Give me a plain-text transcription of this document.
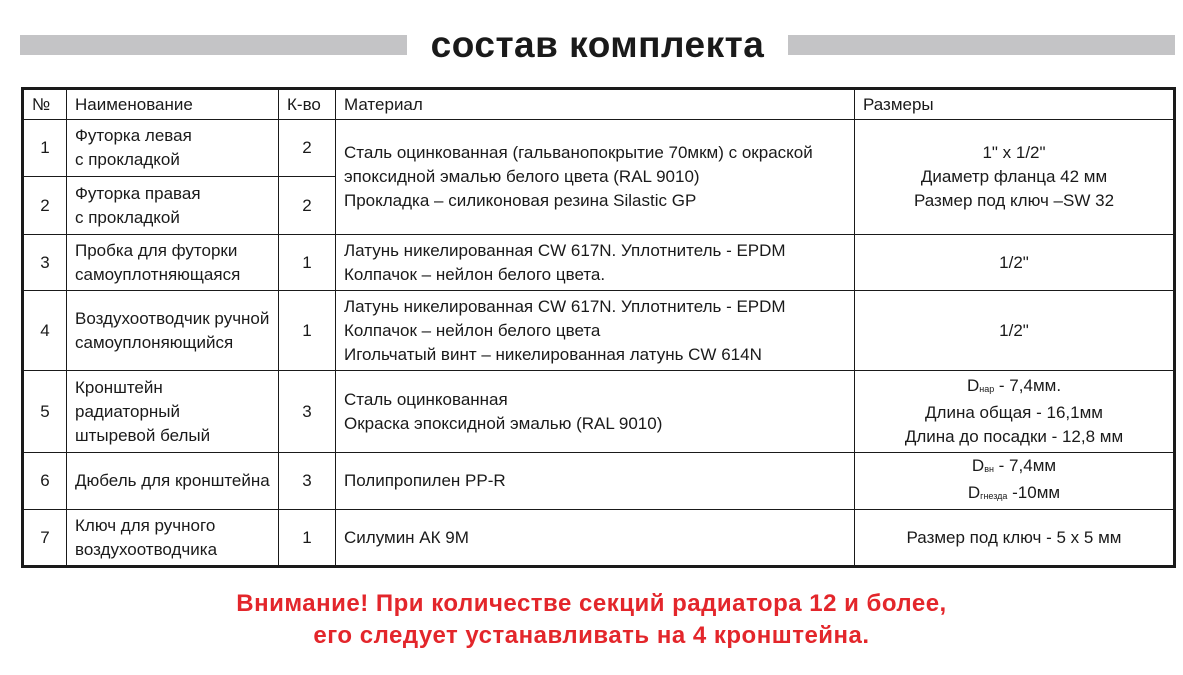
состав комплекта
№	Наименование	К-во	Материал	Размеры
1	Футорка левая
с прокладкой	2	Сталь оцинкованная (гальванопокрытие 70мкм) с окраской
эпоксидной эмалью белого цвета (RAL 9010)
Прокладка – силиконовая резина Silastic GP	1" x 1/2"
Диаметр фланца 42 мм
Размер под ключ –SW 32

2	Футорка правая
с прокладкой	2		
3	Пробка для футорки
самоуплотняющаяся	1	Латунь никелированная CW 617N. Уплотнитель - EPDM
Колпачок – нейлон белого цвета.	1/2"

4	Воздухоотводчик ручной
самоуплоняющийся	1	Латунь никелированная CW 617N. Уплотнитель - EPDM
Колпачок – нейлон белого цвета
Игольчатый винт – никелированная латунь CW 614N	1/2"

5	Кронштейн радиаторный
штыревой белый	3	Сталь оцинкованная
Окраска эпоксидной эмалью (RAL 9010)	$D_{нар} - 7,4мм$.
Длина общая - 16,1мм
Длина до посадки - 12,8 мм

6	Дюбель для кронштейна	3	Полипропилен PP-R	$D_{вн} - 7,4мм$
$D_{гнезда}$ -10мм

7	Ключ для ручного
воздухоотводчика	1	Силумин АК 9М	Размер под ключ - 5 x 5 мм
Внимание! При количестве секций радиатора 12 и более,
его следует устанавливать на 4 кронштейна.
